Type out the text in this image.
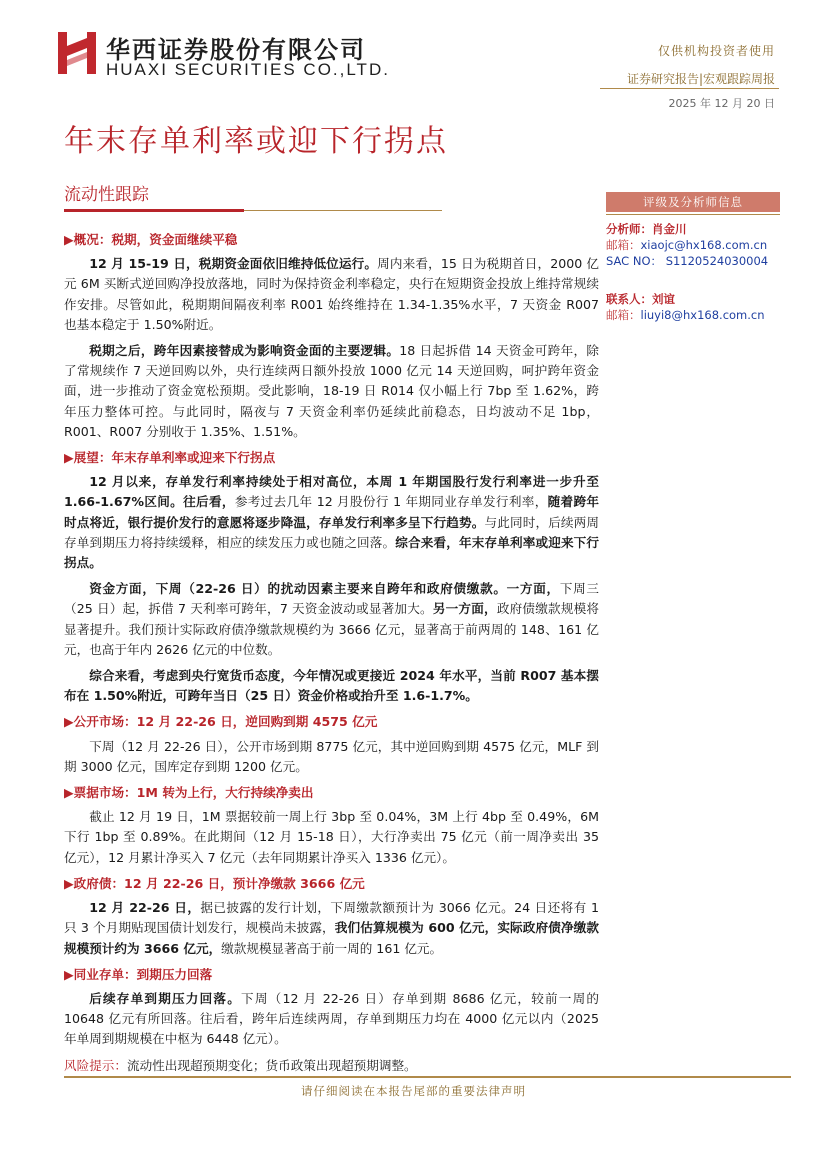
华西证券股份有限公司
HUAXI SECURITIES CO.,LTD.
仅供机构投资者使用
证券研究报告|宏观跟踪周报
2025 年 12 月 20 日
年末存单利率或迎下行拐点
流动性跟踪	评级及分析师信息
分析师：肖金川
邮箱：xiaojc@hx168.com.cn
SAC NO： S1120524030004
联系人：刘谊
邮箱：liuyi8@hx168.com.cn
▶概况：税期，资金面继续平稳

12 月 15-19 日，税期资金面依旧维持低位运行。周内来看，15 日为税期首日，2000 亿元 6M 买断式逆回购净投放落地，同时为保持资金利率稳定，央行在短期资金投放上维持常规续作安排。尽管如此，税期期间隔夜利率 R001 始终维持在 1.34-1.35%水平，7 天资金 R007 也基本稳定于 1.50%附近。

税期之后，跨年因素接替成为影响资金面的主要逻辑。18 日起拆借 14 天资金可跨年，除了常规续作 7 天逆回购以外，央行连续两日额外投放 1000 亿元 14 天逆回购，呵护跨年资金面，进一步推动了资金宽松预期。受此影响，18-19 日 R014 仅小幅上行 7bp 至 1.62%，跨年压力整体可控。与此同时，隔夜与 7 天资金利率仍延续此前稳态，日均波动不足 1bp，R001、R007 分别收于 1.35%、1.51%。

▶展望：年末存单利率或迎来下行拐点

12 月以来，存单发行利率持续处于相对高位，本周 1 年期国股行发行利率进一步升至 1.66-1.67%区间。往后看，参考过去几年 12 月股份行 1 年期同业存单发行利率，随着跨年时点将近，银行提价发行的意愿将逐步降温，存单发行利率多呈下行趋势。与此同时，后续两周存单到期压力将持续缓释，相应的续发压力或也随之回落。综合来看，年末存单利率或迎来下行拐点。

资金方面，下周（22-26 日）的扰动因素主要来自跨年和政府债缴款。一方面，下周三（25 日）起，拆借 7 天利率可跨年，7 天资金波动或显著加大。另一方面，政府债缴款规模将显著提升。我们预计实际政府债净缴款规模约为 3666 亿元，显著高于前两周的 148、161 亿元，也高于年内 2626 亿元的中位数。

综合来看，考虑到央行宽货币态度，今年情况或更接近 2024 年水平，当前 R007 基本摆布在 1.50%附近，可跨年当日（25 日）资金价格或抬升至 1.6-1.7%。

▶公开市场：12 月 22-26 日，逆回购到期 4575 亿元

下周（12 月 22-26 日），公开市场到期 8775 亿元，其中逆回购到期 4575 亿元，MLF 到期 3000 亿元，国库定存到期 1200 亿元。

▶票据市场：1M 转为上行，大行持续净卖出

截止 12 月 19 日，1M 票据较前一周上行 3bp 至 0.04%，3M 上行 4bp 至 0.49%，6M 下行 1bp 至 0.89%。在此期间（12 月 15-18 日），大行净卖出 75 亿元（前一周净卖出 35 亿元），12 月累计净买入 7 亿元（去年同期累计净买入 1336 亿元）。

▶政府债：12 月 22-26 日，预计净缴款 3666 亿元

12 月 22-26 日，据已披露的发行计划，下周缴款额预计为 3066 亿元。24 日还将有 1 只 3 个月期贴现国债计划发行，规模尚未披露，我们估算规模为 600 亿元，实际政府债净缴款规模预计约为 3666 亿元，缴款规模显著高于前一周的 161 亿元。

▶同业存单：到期压力回落

后续存单到期压力回落。下周（12 月 22-26 日）存单到期 8686 亿元，较前一周的 10648 亿元有所回落。往后看，跨年后连续两周，存单到期压力均在 4000 亿元以内（2025 年单周到期规模在中枢为 6448 亿元）。

风险提示：流动性出现超预期变化；货币政策出现超预期调整。
请仔细阅读在本报告尾部的重要法律声明
